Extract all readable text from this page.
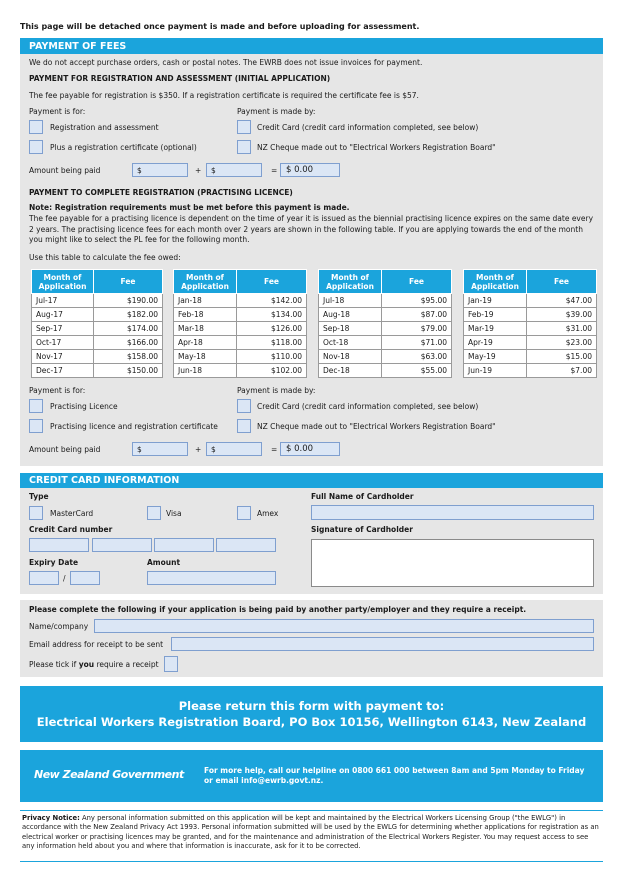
This page will be detached once payment is made and before uploading for assessment.
PAYMENT OF FEES
We do not accept purchase orders, cash or postal notes. The EWRB does not issue invoices for payment.
PAYMENT FOR REGISTRATION AND ASSESSMENT (INITIAL APPLICATION)
The fee payable for registration is $350. If a registration certificate is required the certificate fee is $57.
Payment is for:	Payment is made by:
Registration and assessment	Credit Card (credit card information completed, see below)
Plus a registration certificate (optional)	NZ Cheque made out to "Electrical Workers Registration Board"
Amount being paid	$	+ $	= $ 0.00
PAYMENT TO COMPLETE REGISTRATION (PRACTISING LICENCE)
Note: Registration requirements must be met before this payment is made.
The fee payable for a practising licence is dependent on the time of year it is issued as the biennial practising licence expires on the same date every 2 years. The practising licence fees for each month over 2 years are shown in the following table. If you are applying towards the end of the month you might like to select the PL fee for the following month.
Use this table to calculate the fee owed:
Month of Application	Fee
Jul-17	$190.00
Aug-17	$182.00
Sep-17	$174.00
Oct-17	$166.00
Nov-17	$158.00
Dec-17	$150.00
Month of Application	Fee
Jan-18	$142.00
Feb-18	$134.00
Mar-18	$126.00
Apr-18	$118.00
May-18	$110.00
Jun-18	$102.00
Month of Application	Fee
Jul-18	$95.00
Aug-18	$87.00
Sep-18	$79.00
Oct-18	$71.00
Nov-18	$63.00
Dec-18	$55.00
Month of Application	Fee
Jan-19	$47.00
Feb-19	$39.00
Mar-19	$31.00
Apr-19	$23.00
May-19	$15.00
Jun-19	$7.00
Payment is for:	Payment is made by:
Practising Licence	Credit Card (credit card information completed, see below)
Practising licence and registration certificate	NZ Cheque made out to "Electrical Workers Registration Board"
Amount being paid	$	+ $	= $ 0.00
CREDIT CARD INFORMATION
Type
MasterCard	Visa	Amex
Credit Card number
Expiry Date
/
Amount
Full Name of Cardholder
Signature of Cardholder
Please complete the following if your application is being paid by another party/employer and they require a receipt.
Name/company
Email address for receipt to be sent
Please tick if you require a receipt
Please return this form with payment to:
Electrical Workers Registration Board, PO Box 10156, Wellington 6143, New Zealand
New Zealand Government	For more help, call our helpline on 0800 661 000 between 8am and 5pm Monday to Friday
or email info@ewrb.govt.nz.
Privacy Notice: Any personal information submitted on this application will be kept and maintained by the Electrical Workers Licensing Group ("the EWLG") in accordance with the New Zealand Privacy Act 1993. Personal information submitted will be used by the EWLG for determining whether applications for registration as an electrical worker or practising licences may be granted, and for the maintenance and administration of the Electrical Workers Register. You may request access to see any information held about you and where that information is inaccurate, ask for it to be corrected.
